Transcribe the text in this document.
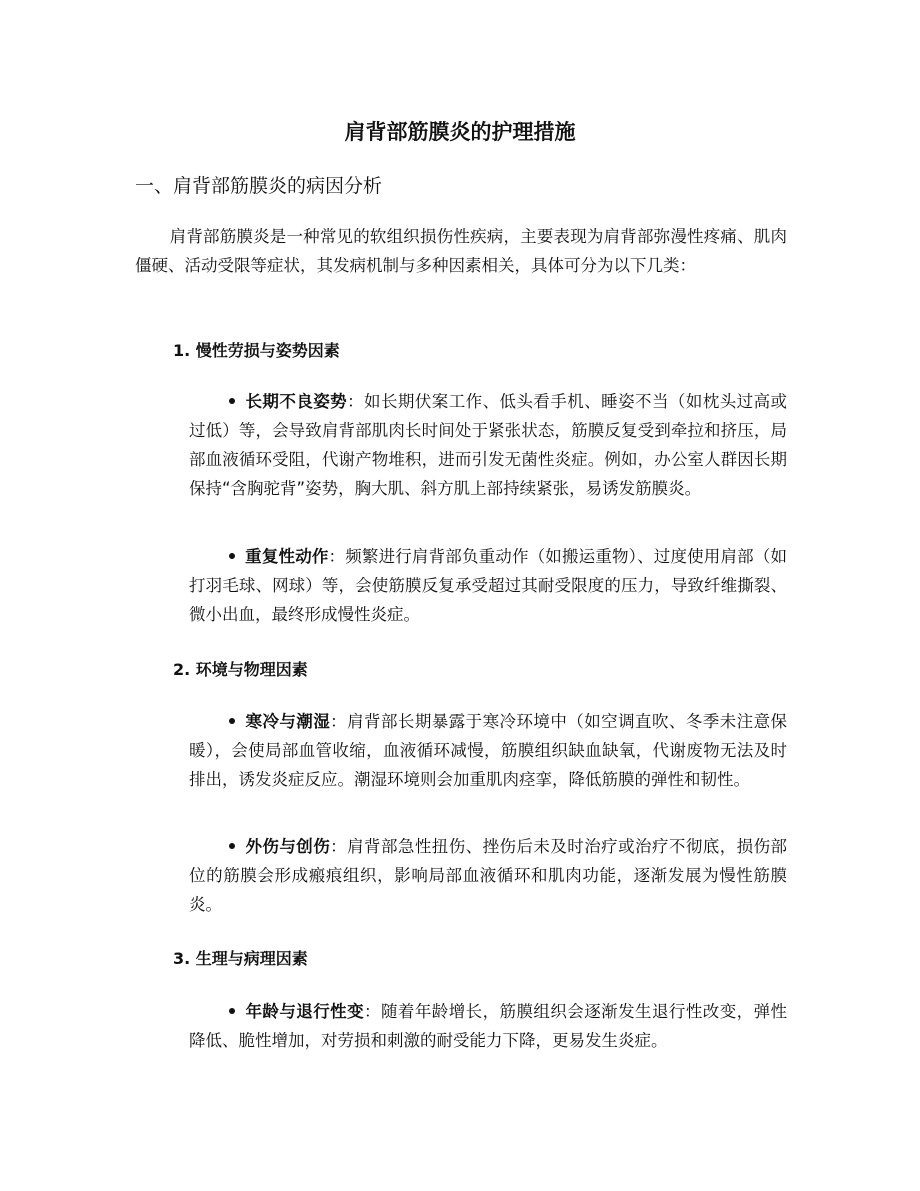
肩背部筋膜炎的护理措施
一、肩背部筋膜炎的病因分析
肩背部筋膜炎是一种常见的软组织损伤性疾病，主要表现为肩背部弥漫性疼痛、肌肉僵硬、活动受限等症状，其发病机制与多种因素相关，具体可分为以下几类：
1. 慢性劳损与姿势因素
长期不良姿势：如长期伏案工作、低头看手机、睡姿不当（如枕头过高或过低）等，会导致肩背部肌肉长时间处于紧张状态，筋膜反复受到牵拉和挤压，局部血液循环受阻，代谢产物堆积，进而引发无菌性炎症。例如，办公室人群因长期保持“含胸驼背”姿势，胸大肌、斜方肌上部持续紧张，易诱发筋膜炎。
重复性动作：频繁进行肩背部负重动作（如搬运重物）、过度使用肩部（如打羽毛球、网球）等，会使筋膜反复承受超过其耐受限度的压力，导致纤维撕裂、微小出血，最终形成慢性炎症。
2. 环境与物理因素
寒冷与潮湿：肩背部长期暴露于寒冷环境中（如空调直吹、冬季未注意保暖），会使局部血管收缩，血液循环减慢，筋膜组织缺血缺氧，代谢废物无法及时排出，诱发炎症反应。潮湿环境则会加重肌肉痉挛，降低筋膜的弹性和韧性。
外伤与创伤：肩背部急性扭伤、挫伤后未及时治疗或治疗不彻底，损伤部位的筋膜会形成瘢痕组织，影响局部血液循环和肌肉功能，逐渐发展为慢性筋膜炎。
3. 生理与病理因素
年龄与退行性变：随着年龄增长，筋膜组织会逐渐发生退行性改变，弹性降低、脆性增加，对劳损和刺激的耐受能力下降，更易发生炎症。
